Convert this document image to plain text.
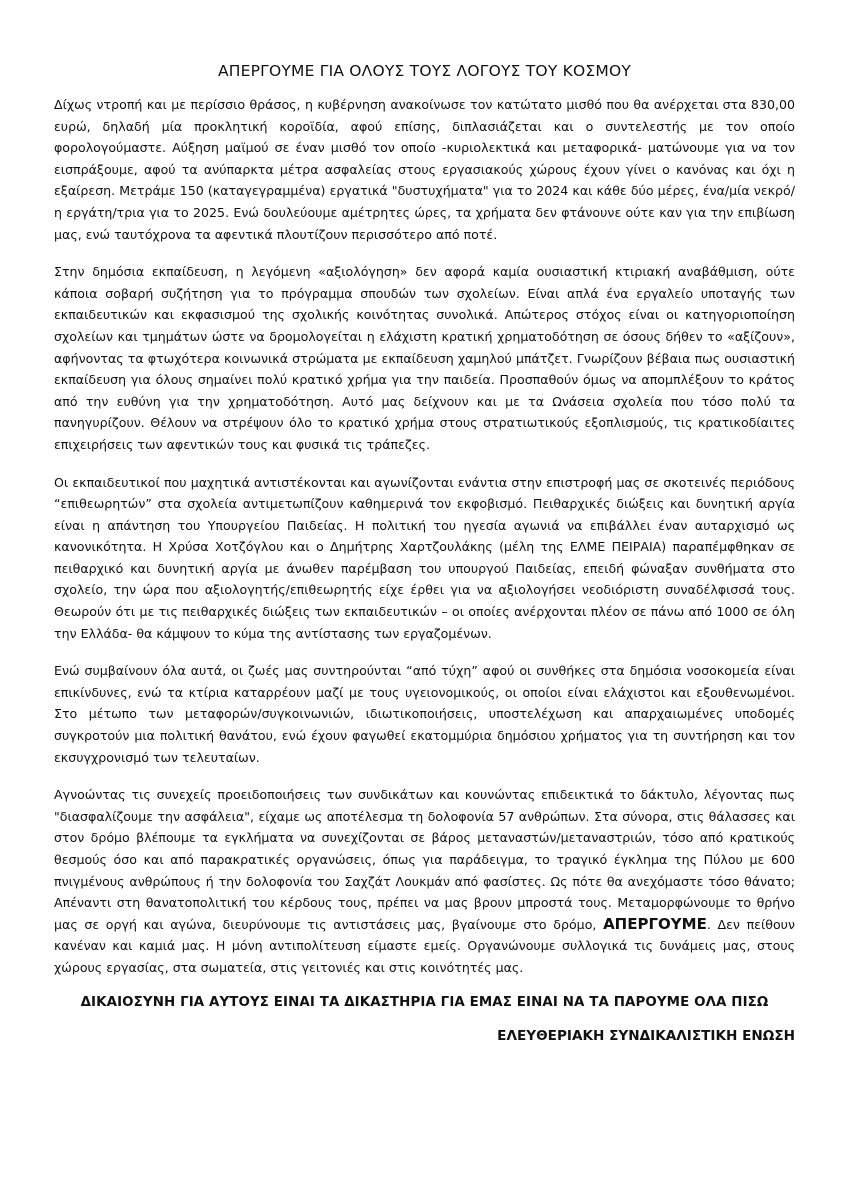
ΑΠΕΡΓΟΥΜΕ ΓΙΑ ΟΛΟΥΣ ΤΟΥΣ ΛΟΓΟΥΣ ΤΟΥ ΚΟΣΜΟΥ

Δίχως ντροπή και με περίσσιο θράσος, η κυβέρνηση ανακοίνωσε τον κατώτατο μισθό που θα ανέρχεται στα 830,00 ευρώ, δηλαδή μία προκλητική κοροϊδία, αφού επίσης, διπλασιάζεται και ο συντελεστής με τον οποίο φορολογούμαστε. Αύξηση μαϊμού σε έναν μισθό τον οποίο -κυριολεκτικά και μεταφορικά- ματώνουμε για να τον εισπράξουμε, αφού τα ανύπαρκτα μέτρα ασφαλείας στους εργασιακούς χώρους έχουν γίνει ο κανόνας και όχι η εξαίρεση. Μετράμε 150 (καταγεγραμμένα) εργατικά "δυστυχήματα" για το 2024 και κάθε δύο μέρες, ένα/μία νεκρό/η εργάτη/τρια για το 2025. Ενώ δουλεύουμε αμέτρητες ώρες, τα χρήματα δεν φτάνουνε ούτε καν για την επιβίωση μας, ενώ ταυτόχρονα τα αφεντικά πλουτίζουν περισσότερο από ποτέ.

Στην δημόσια εκπαίδευση, η λεγόμενη «αξιολόγηση» δεν αφορά καμία ουσιαστική κτιριακή αναβάθμιση, ούτε κάποια σοβαρή συζήτηση για το πρόγραμμα σπουδών των σχολείων. Είναι απλά ένα εργαλείο υποταγής των εκπαιδευτικών και εκφασισμού της σχολικής κοινότητας συνολικά. Απώτερος στόχος είναι οι κατηγοριοποίηση σχολείων και τμημάτων ώστε να δρομολογείται η ελάχιστη κρατική χρηματοδότηση σε όσους δήθεν το «αξίζουν», αφήνοντας τα φτωχότερα κοινωνικά στρώματα με εκπαίδευση χαμηλού μπάτζετ. Γνωρίζουν βέβαια πως ουσιαστική εκπαίδευση για όλους σημαίνει πολύ κρατικό χρήμα για την παιδεία. Προσπαθούν όμως να απομπλέξουν το κράτος από την ευθύνη για την χρηματοδότηση. Αυτό μας δείχνουν και με τα Ωνάσεια σχολεία που τόσο πολύ τα πανηγυρίζουν. Θέλουν να στρέψουν όλο το κρατικό χρήμα στους στρατιωτικούς εξοπλισμούς, τις κρατικοδίαιτες επιχειρήσεις των αφεντικών τους και φυσικά τις τράπεζες.

Οι εκπαιδευτικοί που μαχητικά αντιστέκονται και αγωνίζονται ενάντια στην επιστροφή μας σε σκοτεινές περιόδους “επιθεωρητών” στα σχολεία αντιμετωπίζουν καθημερινά τον εκφοβισμό. Πειθαρχικές διώξεις και δυνητική αργία είναι η απάντηση του Υπουργείου Παιδείας. Η πολιτική του ηγεσία αγωνιά να επιβάλλει έναν αυταρχισμό ως κανονικότητα. Η Χρύσα Χοτζόγλου και ο Δημήτρης Χαρτζουλάκης (μέλη της ΕΛΜΕ ΠΕΙΡΑΙΑ) παραπέμφθηκαν σε πειθαρχικό και δυνητική αργία με άνωθεν παρέμβαση του υπουργού Παιδείας, επειδή φώναξαν συνθήματα στο σχολείο, την ώρα που αξιολογητής/επιθεωρητής είχε έρθει για να αξιολογήσει νεοδιόριστη συναδέλφισσά τους. Θεωρούν ότι με τις πειθαρχικές διώξεις των εκπαιδευτικών – οι οποίες ανέρχονται πλέον σε πάνω από 1000 σε όλη την Ελλάδα- θα κάμψουν το κύμα της αντίστασης των εργαζομένων.

Ενώ συμβαίνουν όλα αυτά, οι ζωές μας συντηρούνται “από τύχη” αφού οι συνθήκες στα δημόσια νοσοκομεία είναι επικίνδυνες, ενώ τα κτίρια καταρρέουν μαζί με τους υγειονομικούς, οι οποίοι είναι ελάχιστοι και εξουθενωμένοι. Στο μέτωπο των μεταφορών/συγκοινωνιών, ιδιωτικοποιήσεις, υποστελέχωση και απαρχαιωμένες υποδομές συγκροτούν μια πολιτική θανάτου, ενώ έχουν φαγωθεί εκατομμύρια δημόσιου χρήματος για τη συντήρηση και τον εκσυγχρονισμό των τελευταίων.

Αγνοώντας τις συνεχείς προειδοποιήσεις των συνδικάτων και κουνώντας επιδεικτικά το δάκτυλο, λέγοντας πως "διασφαλίζουμε την ασφάλεια", είχαμε ως αποτέλεσμα τη δολοφονία 57 ανθρώπων. Στα σύνορα, στις θάλασσες και στον δρόμο βλέπουμε τα εγκλήματα να συνεχίζονται σε βάρος μεταναστών/μεταναστριών, τόσο από κρατικούς θεσμούς όσο και από παρακρατικές οργανώσεις, όπως για παράδειγμα, το τραγικό έγκλημα της Πύλου με 600 πνιγμένους ανθρώπους ή την δολοφονία του Σαχζάτ Λουκμάν από φασίστες. Ως πότε θα ανεχόμαστε τόσο θάνατο; Απέναντι στη θανατοπολιτική του κέρδους τους, πρέπει να μας βρουν μπροστά τους. Μεταμορφώνουμε το θρήνο μας σε οργή και αγώνα, διευρύνουμε τις αντιστάσεις μας, βγαίνουμε στο δρόμο, ΑΠΕΡΓΟΥΜΕ. Δεν πείθουν κανέναν και καμιά μας. Η μόνη αντιπολίτευση είμαστε εμείς. Οργανώνουμε συλλογικά τις δυνάμεις μας, στους χώρους εργασίας, στα σωματεία, στις γειτονιές και στις κοινότητές μας.

ΔΙΚΑΙΟΣΥΝΗ ΓΙΑ ΑΥΤΟΥΣ ΕΙΝΑΙ ΤΑ ΔΙΚΑΣΤΗΡΙΑ ΓΙΑ ΕΜΑΣ ΕΙΝΑΙ ΝΑ ΤΑ ΠΑΡΟΥΜΕ ΟΛΑ ΠΙΣΩ

ΕΛΕΥΘΕΡΙΑΚΗ ΣΥΝΔΙΚΑΛΙΣΤΙΚΗ ΕΝΩΣΗ
